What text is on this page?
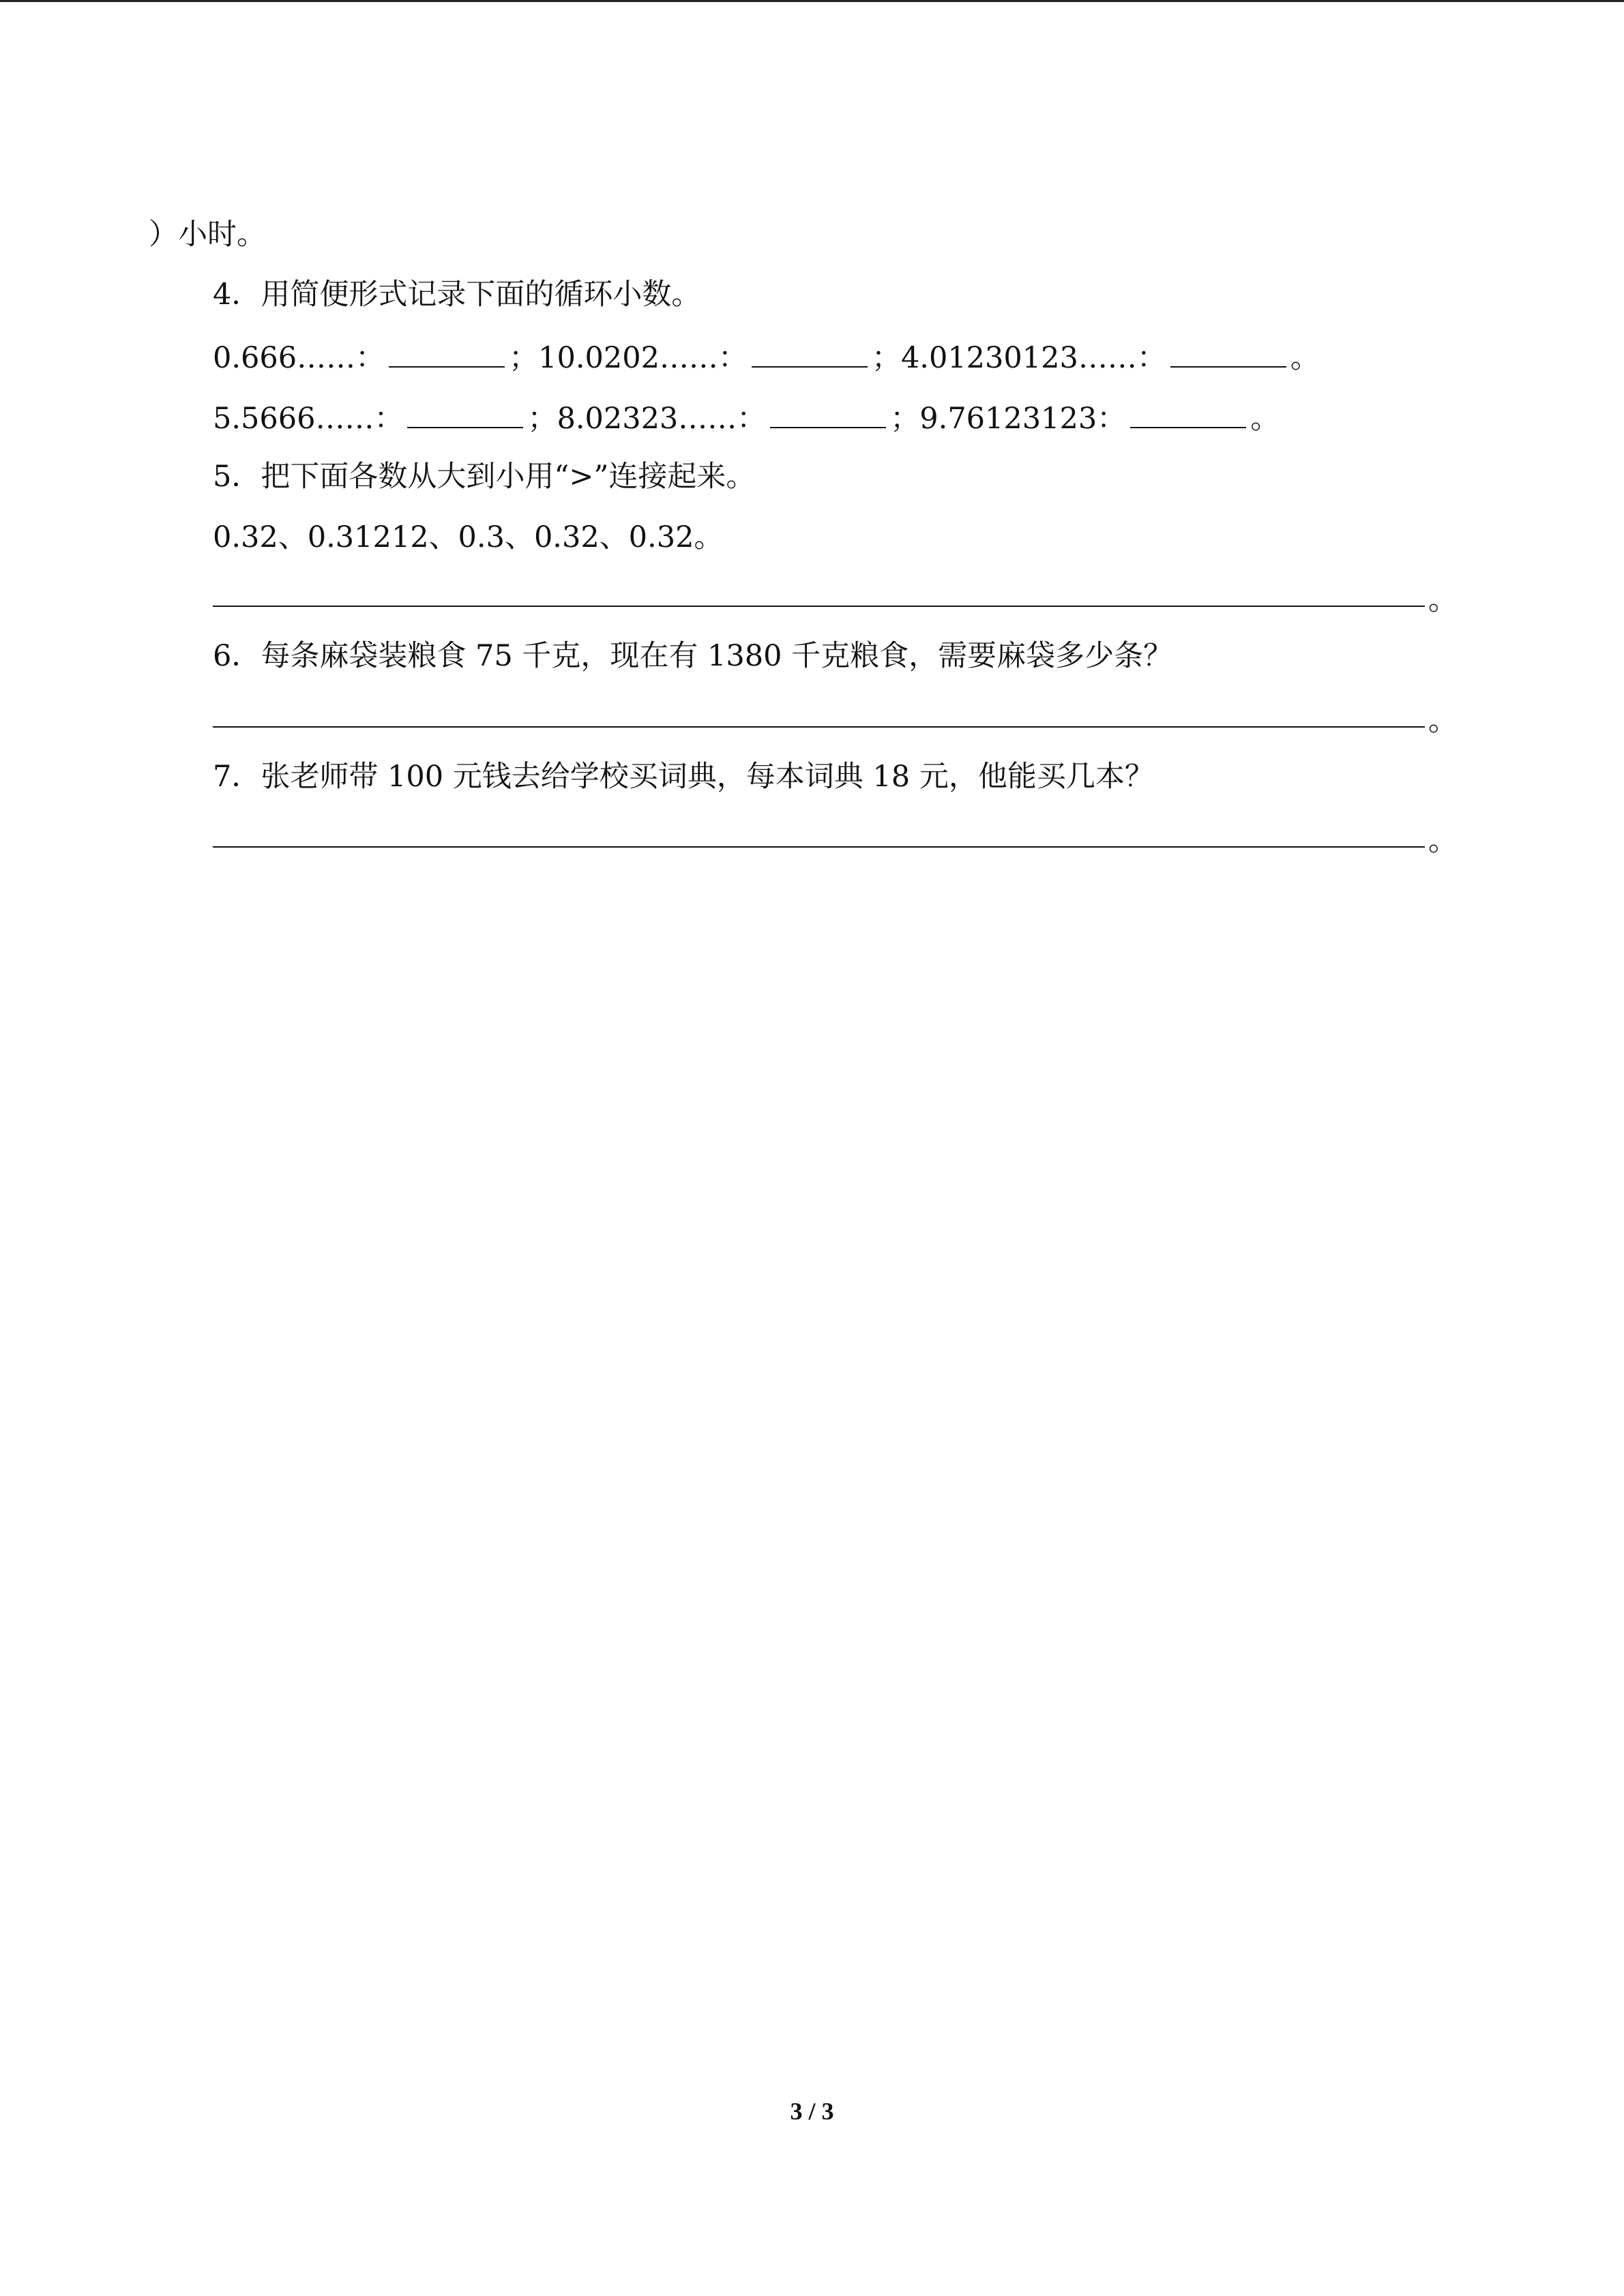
）小时。
4．用简便形式记录下面的循环小数。
0.666……：	；10.0202……：	；4.01230123……：	。
5.5666……：	；8.02323……：	；9.76123123：	。
5．把下面各数从大到小用“>”连接起来。
0.32、0.31212、0.3、0.32、0.32。
。
6．每条麻袋装粮食 75 千克，现在有 1380 千克粮食，需要麻袋多少条？
。
7．张老师带 100 元钱去给学校买词典，每本词典 18 元，他能买几本？
。
3 / 3
